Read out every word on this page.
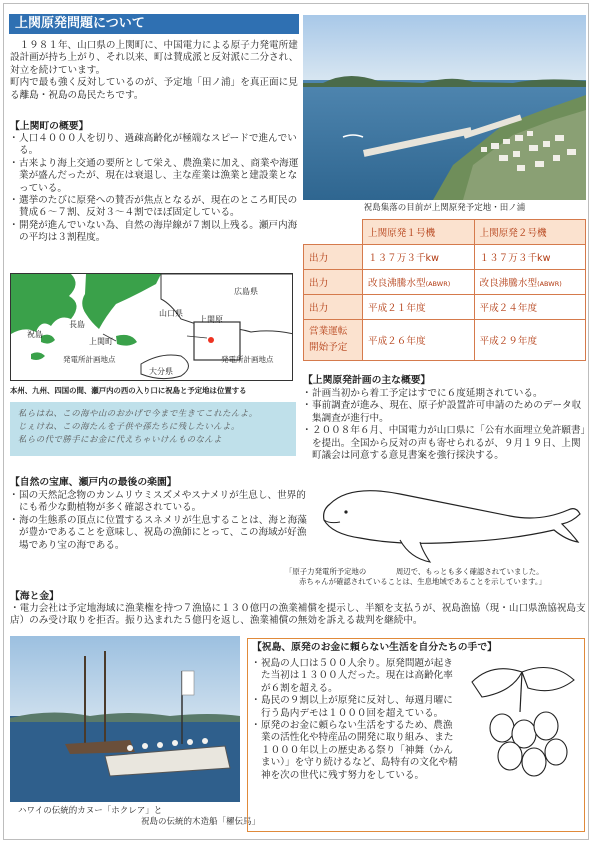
上関原発問題について
１９８１年、山口県の上関町に、中国電力による原子力発電所建設計画が持ち上がり、それ以来、町は賛成派と反対派に二分され、対立を続けています。
町内で最も強く反対しているのが、予定地「田ノ浦」を真正面に見る離島・祝島の島民たちです。
祝島集落の目前が上関原発予定地・田ノ浦
【上関町の概要】
・ 人口４０００人を切り、過疎高齢化が極端なスピードで進んでいる。
・ 古来より海上交通の要所として栄え、農漁業に加え、商業や海運業が盛んだったが、現在は衰退し、主な産業は漁業と建設業となっている。
・ 選挙のたびに原発への賛否が焦点となるが、現在のところ町民の賛成６～７割、反対３～４割でほぼ固定している。
・ 開発が進んでいない為、自然の海岸線が７割以上残る。瀬戸内海の平均は３割程度。
		上関原発１号機	上関原発２号機
出力	１３７万３千kw	１３７万３千kw
出力	改良沸騰水型(ABWR)	改良沸騰水型(ABWR)
出力	平成２１年度	平成２４年度
営業運転
開始予定	平成２６年度	平成２９年度
広島県
山口県
長島
祝島
上関町
上関原
発電所計画地点	発電所計画地点
大分県
本州、九州、四国の間、瀬戸内の西の入り口に祝島と予定地は位置する
【上関原発計画の主な概要】
・ 計画当初から着工予定はすでに６度延期されている。
・ 事前調査が進み、現在、原子炉設置許可申請のためのデータ収集調査が進行中。
・ ２００８年６月、中国電力が山口県に「公有水面埋立免許願書」を提出。全国から反対の声も寄せられるが、９月１９日、上関町議会は同意する意見書案を強行採決する。
私らはね、この海や山のおかげで今まで生きてこれたんよ。
じぇけね、この海たんを子供や孫たちに残したいんよ。
私らの代で勝手にお金に代えちゃいけんものなんよ
【自然の宝庫、瀬戸内の最後の楽園】
・ 国の天然記念物のカンムリウミスズメやスナメリが生息し、世界的にも希少な動植物が多く確認されている。
・ 海の生態系の頂点に位置するスネメリが生息することは、海と海藻が豊かであることを意味し、祝島の漁師にとって、この海域が好漁場であり宝の海である。
「原子力発電所予定地の　　　　周辺で、もっとも多く確認されていました。
赤ちゃんが確認されていることは、生息地域であることを示しています。」
【海と金】
・電力会社は予定地海域に漁業権を持つ７漁協に１３０億円の漁業補償を提示し、半額を支払うが、祝島漁協（現・山口県漁協祝島支店）のみ受け取りを拒否。振り込まれた５億円を返し、漁業補償の無効を訴える裁判を継続中。
ハワイの伝統的カヌー「ホクレア」と
祝島の伝統的木造船「櫂伝馬」
【祝島、原発のお金に頼らない生活を自分たちの手で】
・ 祝島の人口は５００人余り。原発問題が起きた当初は１３００人だった。現在は高齢化率が６割を超える。
・ 島民の９割以上が原発に反対し、毎週月曜に行う島内デモは１０００回を超えている。
・ 原発のお金に頼らない生活をするため、農漁業の活性化や特産品の開発に取り組み、また１０００年以上の歴史ある祭り「神舞（かんまい）」を守り続けるなど、島特有の文化や精神を次の世代に残す努力をしている。
